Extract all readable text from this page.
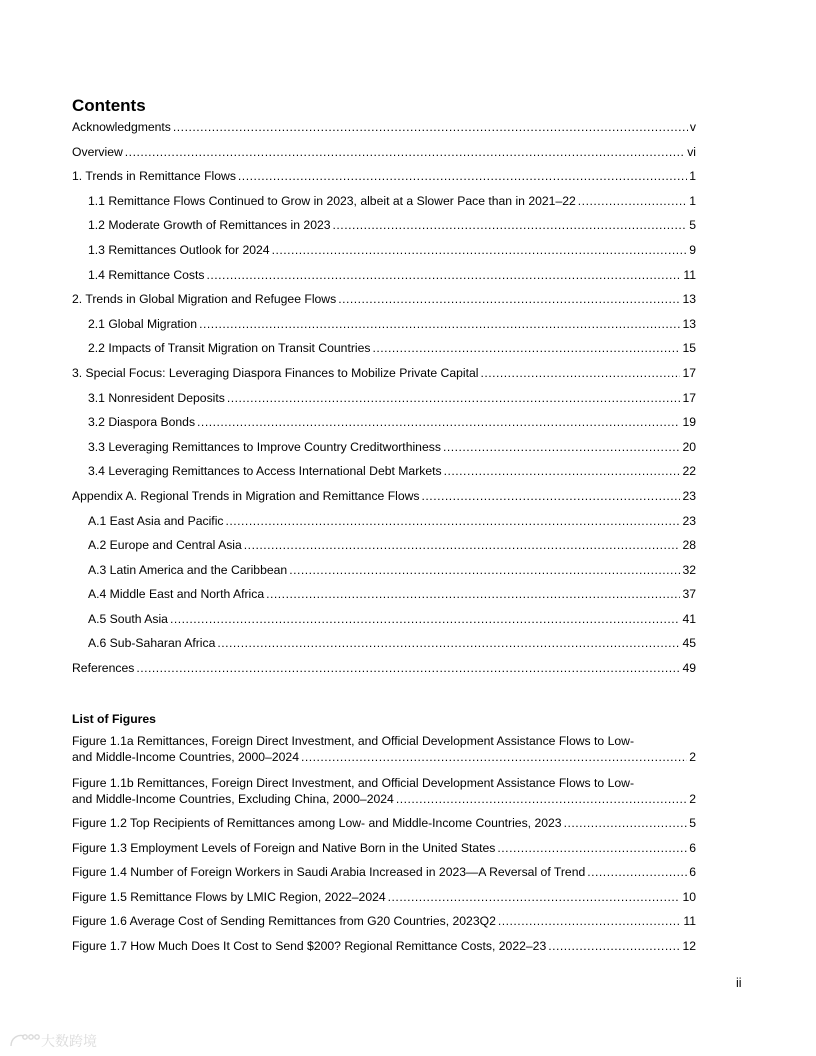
Contents
Acknowledgments .....	v
Overview .....	vi
1. Trends in Remittance Flows .....	1
1.1 Remittance Flows Continued to Grow in 2023, albeit at a Slower Pace than in 2021–22 .....	1
1.2 Moderate Growth of Remittances in 2023 .....	5
1.3 Remittances Outlook for 2024 .....	9
1.4 Remittance Costs .....	11
2. Trends in Global Migration and Refugee Flows .....	13
2.1 Global Migration .....	13
2.2 Impacts of Transit Migration on Transit Countries .....	15
3. Special Focus: Leveraging Diaspora Finances to Mobilize Private Capital .....	17
3.1 Nonresident Deposits .....	17
3.2 Diaspora Bonds .....	19
3.3 Leveraging Remittances to Improve Country Creditworthiness .....	20
3.4 Leveraging Remittances to Access International Debt Markets .....	22
Appendix A. Regional Trends in Migration and Remittance Flows .....	23
A.1 East Asia and Pacific .....	23
A.2 Europe and Central Asia .....	28
A.3 Latin America and the Caribbean .....	32
A.4 Middle East and North Africa .....	37
A.5 South Asia .....	41
A.6 Sub-Saharan Africa .....	45
References .....	49
List of Figures
Figure 1.1a Remittances, Foreign Direct Investment, and Official Development Assistance Flows to Low-
and Middle-Income Countries, 2000–2024 .....	2
Figure 1.1b Remittances, Foreign Direct Investment, and Official Development Assistance Flows to Low-
and Middle-Income Countries, Excluding China, 2000–2024 .....	2
Figure 1.2 Top Recipients of Remittances among Low- and Middle-Income Countries, 2023 .....	5
Figure 1.3 Employment Levels of Foreign and Native Born in the United States .....	6
Figure 1.4 Number of Foreign Workers in Saudi Arabia Increased in 2023—A Reversal of Trend .....	6
Figure 1.5 Remittance Flows by LMIC Region, 2022–2024 .....	10
Figure 1.6 Average Cost of Sending Remittances from G20 Countries, 2023Q2 .....	11
Figure 1.7 How Much Does It Cost to Send $200? Regional Remittance Costs, 2022–23 .....	12
ii
大数跨境
